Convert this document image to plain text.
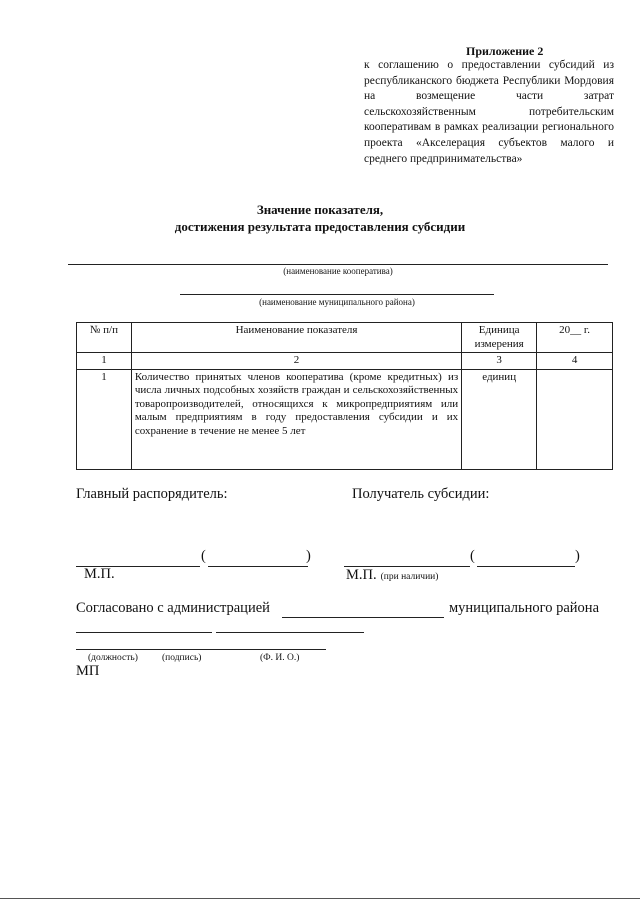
Приложение 2
к соглашению о предоставлении субсидий из республиканского бюджета Республики Мордовия на возмещение части затрат сельскохозяйственным потребительским кооперативам в рамках реализации регионального проекта «Акселерация субъектов малого и среднего предпринимательства»
Значение показателя,
достижения результата предоставления субсидии
(наименование кооператива)
(наименование муниципального района)
№ п/п	Наименование показателя	Единица измерения	20__ г.
1	2	3	4
1	Количество принятых членов кооператива (кроме кредитных) из числа личных подсобных хозяйств граждан и сельскохозяйственных товаропроизводителей, относящихся к микропредприятиям или малым предприятиям в году предоставления субсидии и их сохранение в течение не менее 5 лет	единиц	
Главный распорядитель:	Получатель субсидии:
(	)
М.П.
(	)
М.П. (при наличии)
Согласовано с администрацией	муниципального района
(должность)	(подпись)	(Ф. И. О.)
МП
